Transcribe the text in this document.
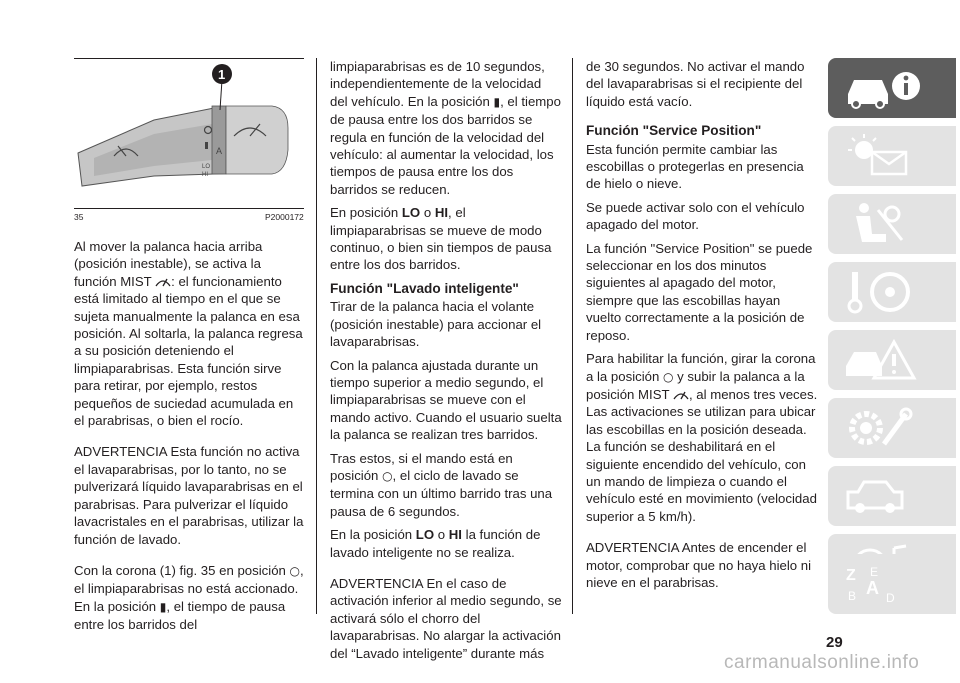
A
LO
HI
1
35	P2000172

Al mover la palanca hacia arriba (posición inestable), se activa la función MIST : el funcionamiento está limitado al tiempo en el que se sujeta manualmente la palanca en esa posición. Al soltarla, la palanca regresa a su posición deteniendo el limpiaparabrisas. Esta función sirve para retirar, por ejemplo, restos pequeños de suciedad acumulada en el parabrisas, o bien el rocío.

ADVERTENCIA Esta función no activa el lavaparabrisas, por lo tanto, no se pulverizará líquido lavaparabrisas en el parabrisas. Para pulverizar el líquido lavacristales en el parabrisas, utilizar la función de lavado.

Con la corona (1) fig. 35 en posición ○, el limpiaparabrisas no está accionado. En la posición ▮, el tiempo de pausa entre los barridos del

limpiaparabrisas es de 10 segundos, independientemente de la velocidad del vehículo. En la posición ▮, el tiempo de pausa entre los dos barridos se regula en función de la velocidad del vehículo: al aumentar la velocidad, los tiempos de pausa entre los dos barridos se reducen.

En posición LO o HI, el limpiaparabrisas se mueve de modo continuo, o bien sin tiempos de pausa entre los dos barridos.

Función "Lavado inteligente"

Tirar de la palanca hacia el volante (posición inestable) para accionar el lavaparabrisas.

Con la palanca ajustada durante un tiempo superior a medio segundo, el limpiaparabrisas se mueve con el mando activo. Cuando el usuario suelta la palanca se realizan tres barridos.

Tras estos, si el mando está en posición ○, el ciclo de lavado se termina con un último barrido tras una pausa de 6 segundos.

En la posición LO o HI la función de lavado inteligente no se realiza.

ADVERTENCIA En el caso de activación inferior al medio segundo, se activará sólo el chorro del lavaparabrisas. No alargar la activación del “Lavado inteligente” durante más

de 30 segundos. No activar el mando del lavaparabrisas si el recipiente del líquido está vacío.

Función "Service Position"

Esta función permite cambiar las escobillas o protegerlas en presencia de hielo o nieve.

Se puede activar solo con el vehículo apagado del motor.

La función "Service Position" se puede seleccionar en los dos minutos siguientes al apagado del motor, siempre que las escobillas hayan vuelto correctamente a la posición de reposo.

Para habilitar la función, girar la corona a la posición ○ y subir la palanca a la posición MIST , al menos tres veces. Las activaciones se utilizan para ubicar las escobillas en la posición deseada. La función se deshabilitará en el siguiente encendido del vehículo, con un mando de limpieza o cuando el vehículo esté en movimiento (velocidad superior a 5 km/h).

ADVERTENCIA Antes de encender el motor, comprobar que no haya hielo ni nieve en el parabrisas.	Z E
B A D
29
carmanualsonline.info
